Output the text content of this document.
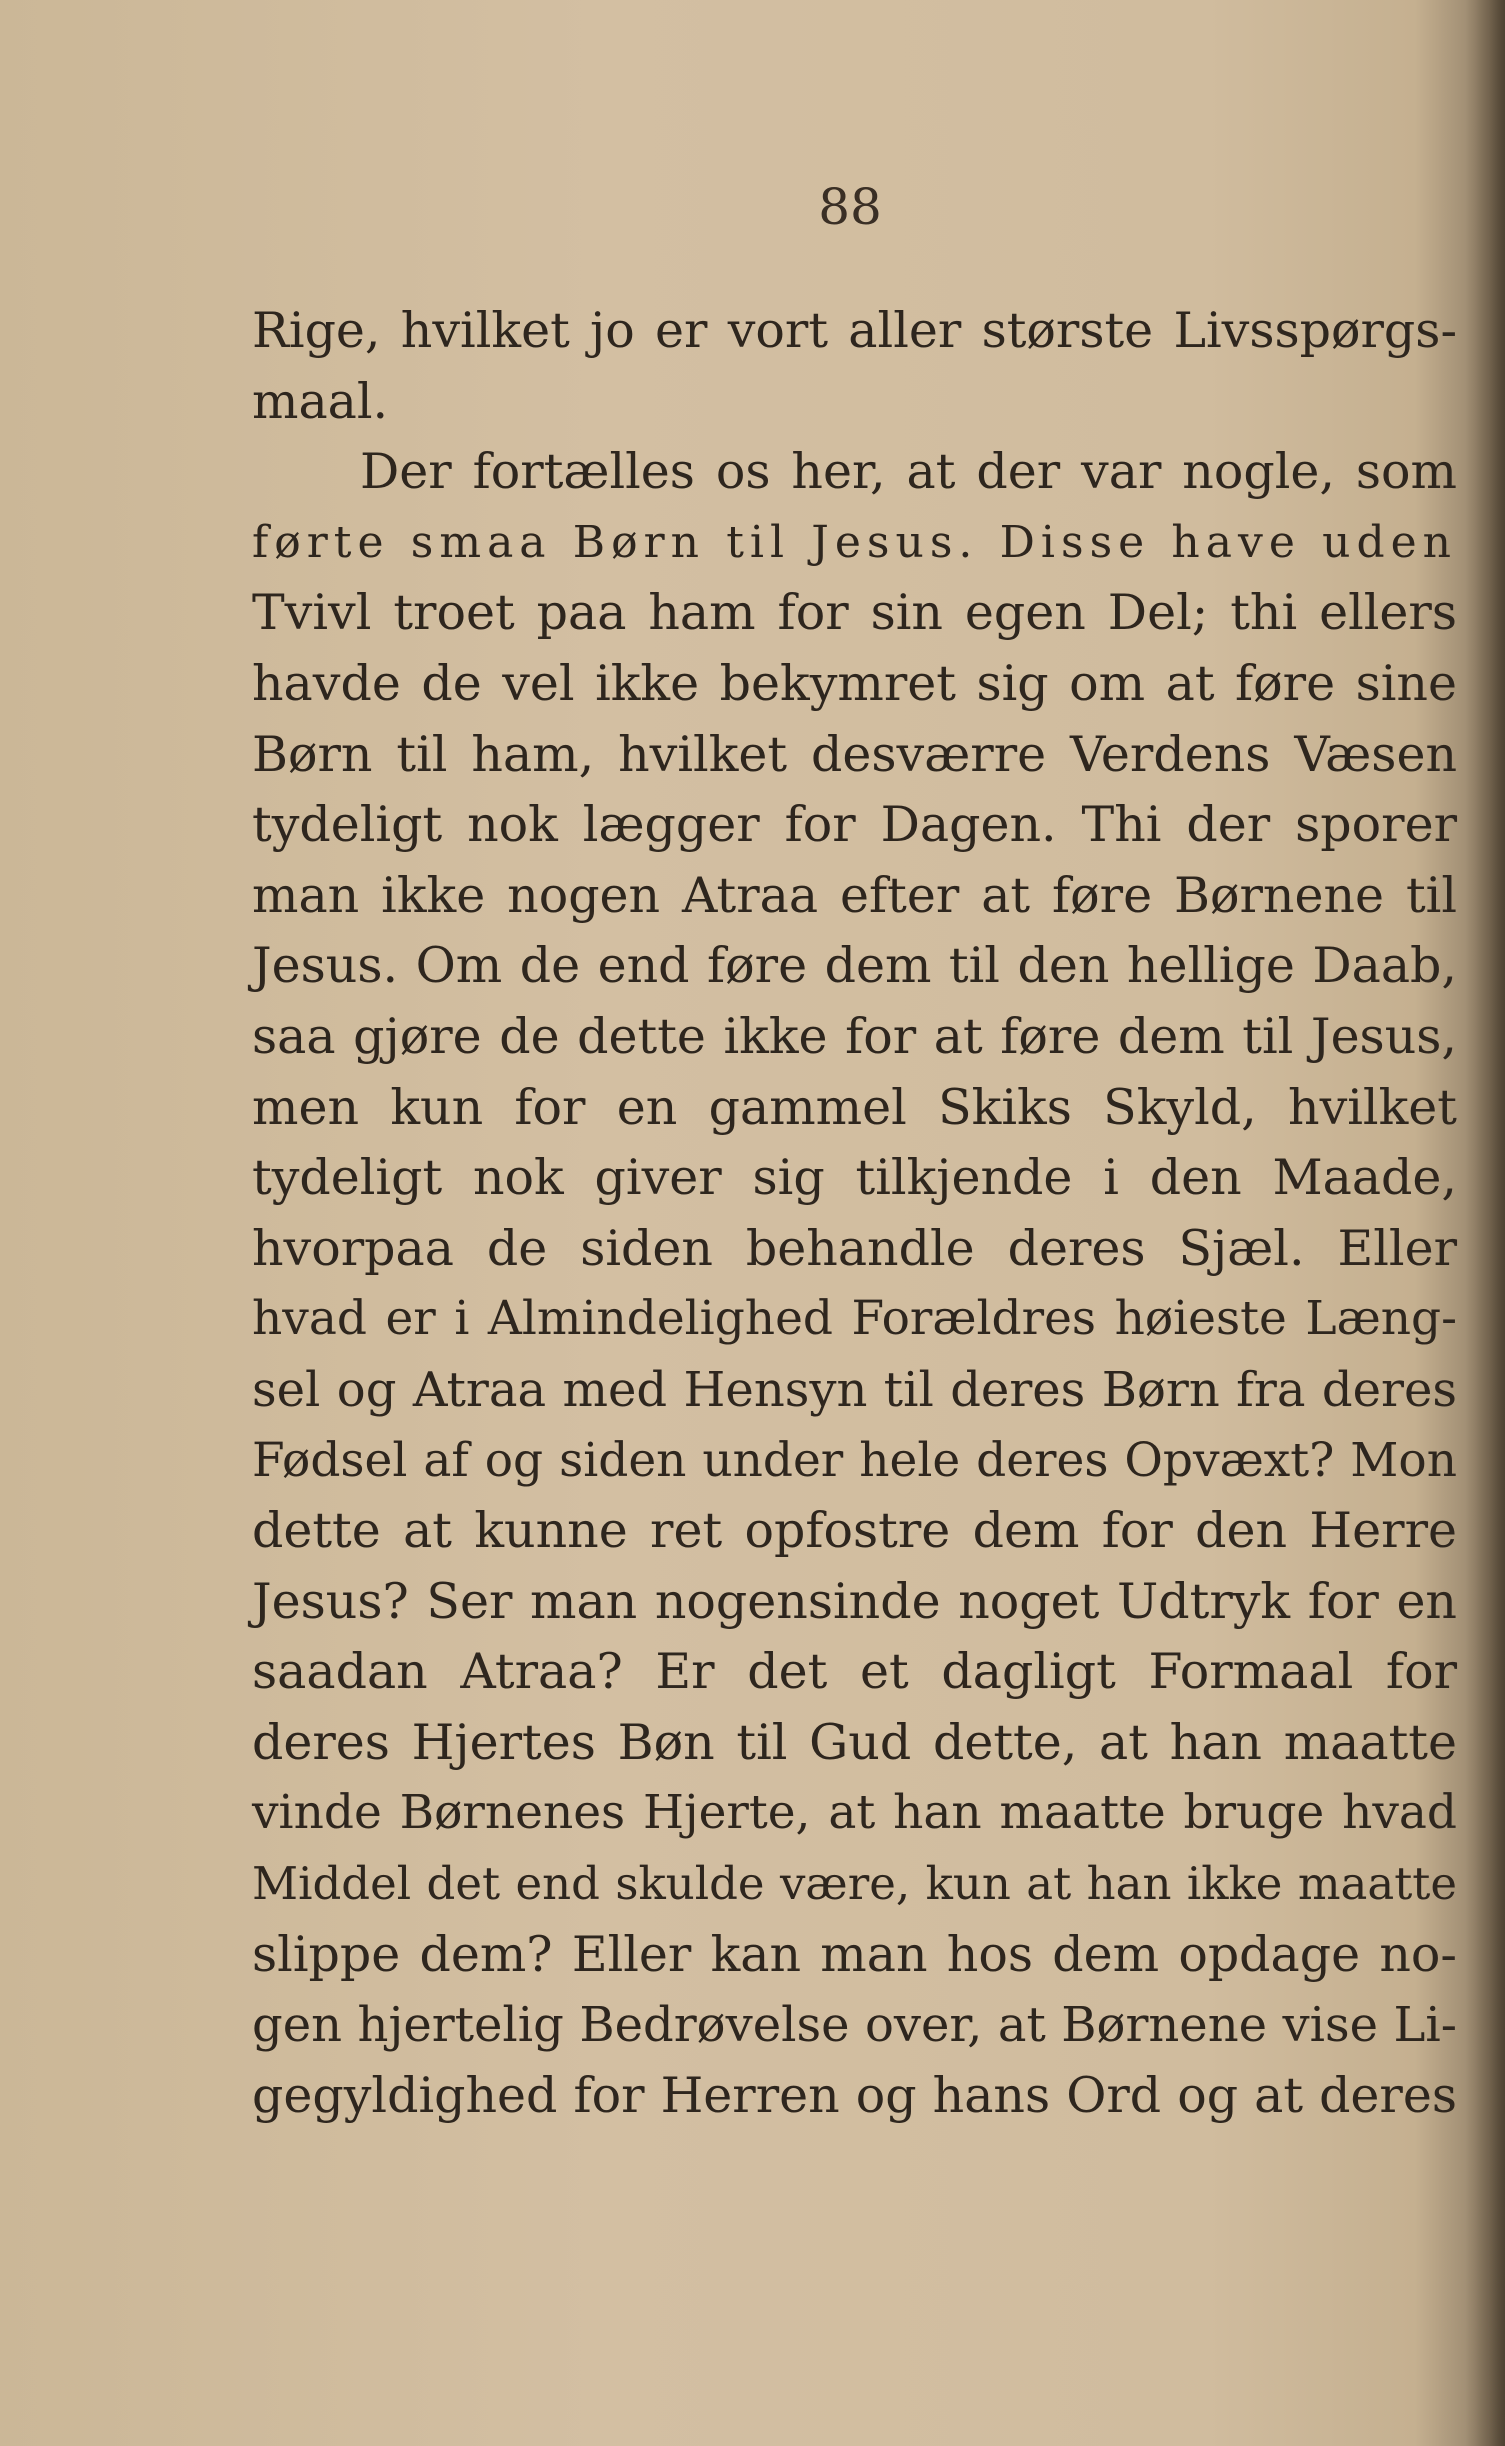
88
Rige, hvilket jo er vort aller største Livsspørgs-
maal.
Der fortælles os her, at der var nogle, som
førte smaa Børn til Jesus. Disse have uden
Tvivl troet paa ham for sin egen Del; thi ellers
havde de vel ikke bekymret sig om at føre sine
Børn til ham, hvilket desværre Verdens Væsen
tydeligt nok lægger for Dagen. Thi der sporer
man ikke nogen Atraa efter at føre Børnene til
Jesus. Om de end føre dem til den hellige Daab,
saa gjøre de dette ikke for at føre dem til Jesus,
men kun for en gammel Skiks Skyld, hvilket
tydeligt nok giver sig tilkjende i den Maade,
hvorpaa de siden behandle deres Sjæl. Eller
hvad er i Almindelighed Forældres høieste Læng-
sel og Atraa med Hensyn til deres Børn fra deres
Fødsel af og siden under hele deres Opvæxt? Mon
dette at kunne ret opfostre dem for den Herre
Jesus? Ser man nogensinde noget Udtryk for en
saadan Atraa? Er det et dagligt Formaal for
deres Hjertes Bøn til Gud dette, at han maatte
vinde Børnenes Hjerte, at han maatte bruge hvad
Middel det end skulde være, kun at han ikke maatte
slippe dem? Eller kan man hos dem opdage no-
gen hjertelig Bedrøvelse over, at Børnene vise Li-
gegyldighed for Herren og hans Ord og at deres
